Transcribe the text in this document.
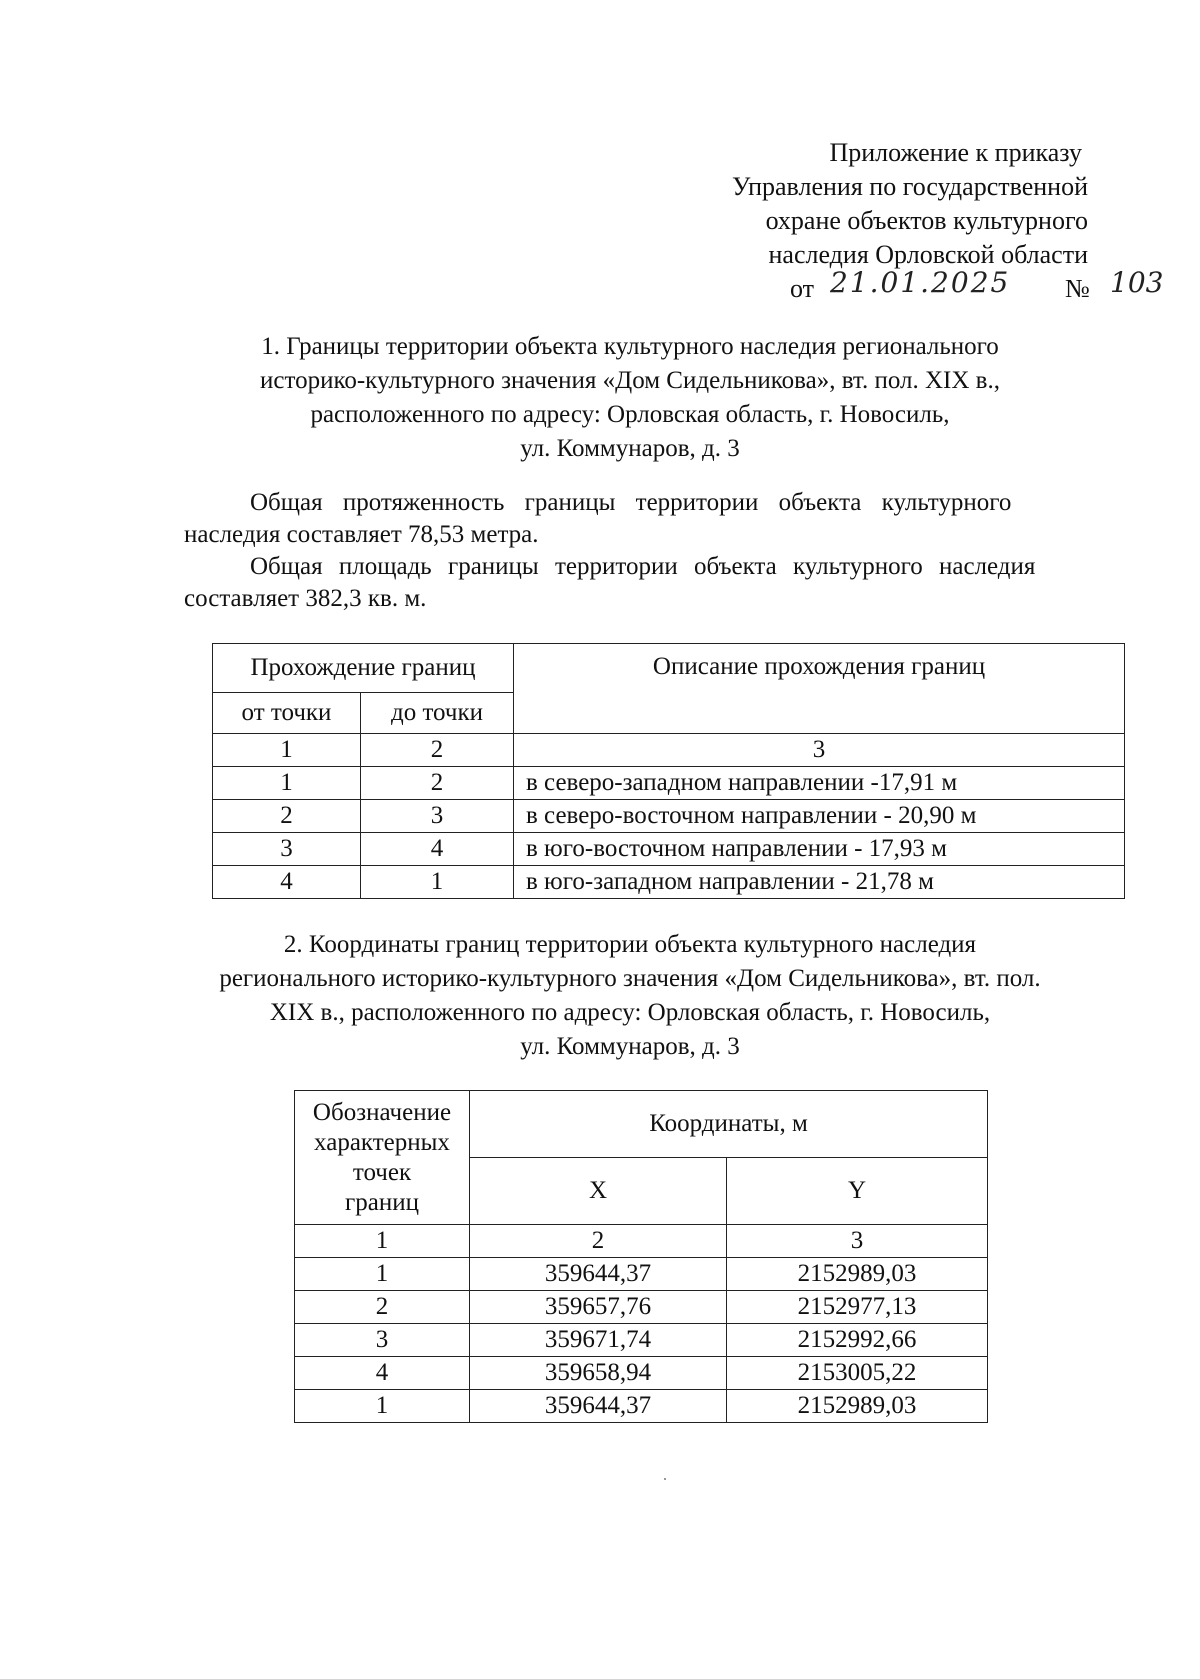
Приложение к приказу
Управления по государственной
охране объектов культурного
наследия Орловской области
от 21.01.2025 № 103
1. Границы территории объекта культурного наследия регионального
историко-культурного значения «Дом Сидельникова», вт. пол. XIX в.,
расположенного по адресу: Орловская область, г. Новосиль,
ул. Коммунаров, д. 3
Общая протяженность границы территории объекта культурного
наследия составляет 78,53 метра.
Общая площадь границы территории объекта культурного наследия
составляет 382,3 кв. м.
Прохождение границ		Описание прохождения границ
от точки	до точки	
1	2	3
1	2	в северо-западном направлении -17,91 м
2	3	в северо-восточном направлении - 20,90 м
3	4	в юго-восточном направлении - 17,93 м
4	1	в юго-западном направлении - 21,78 м
2. Координаты границ территории объекта культурного наследия
регионального историко-культурного значения «Дом Сидельникова», вт. пол.
XIX в., расположенного по адресу: Орловская область, г. Новосиль,
ул. Коммунаров, д. 3
Обозначение
характерных
точек
границ	Координаты, м	
	X	Y
1	2	3
1	359644,37	2152989,03
2	359657,76	2152977,13
3	359671,74	2152992,66
4	359658,94	2153005,22
1	359644,37	2152989,03
